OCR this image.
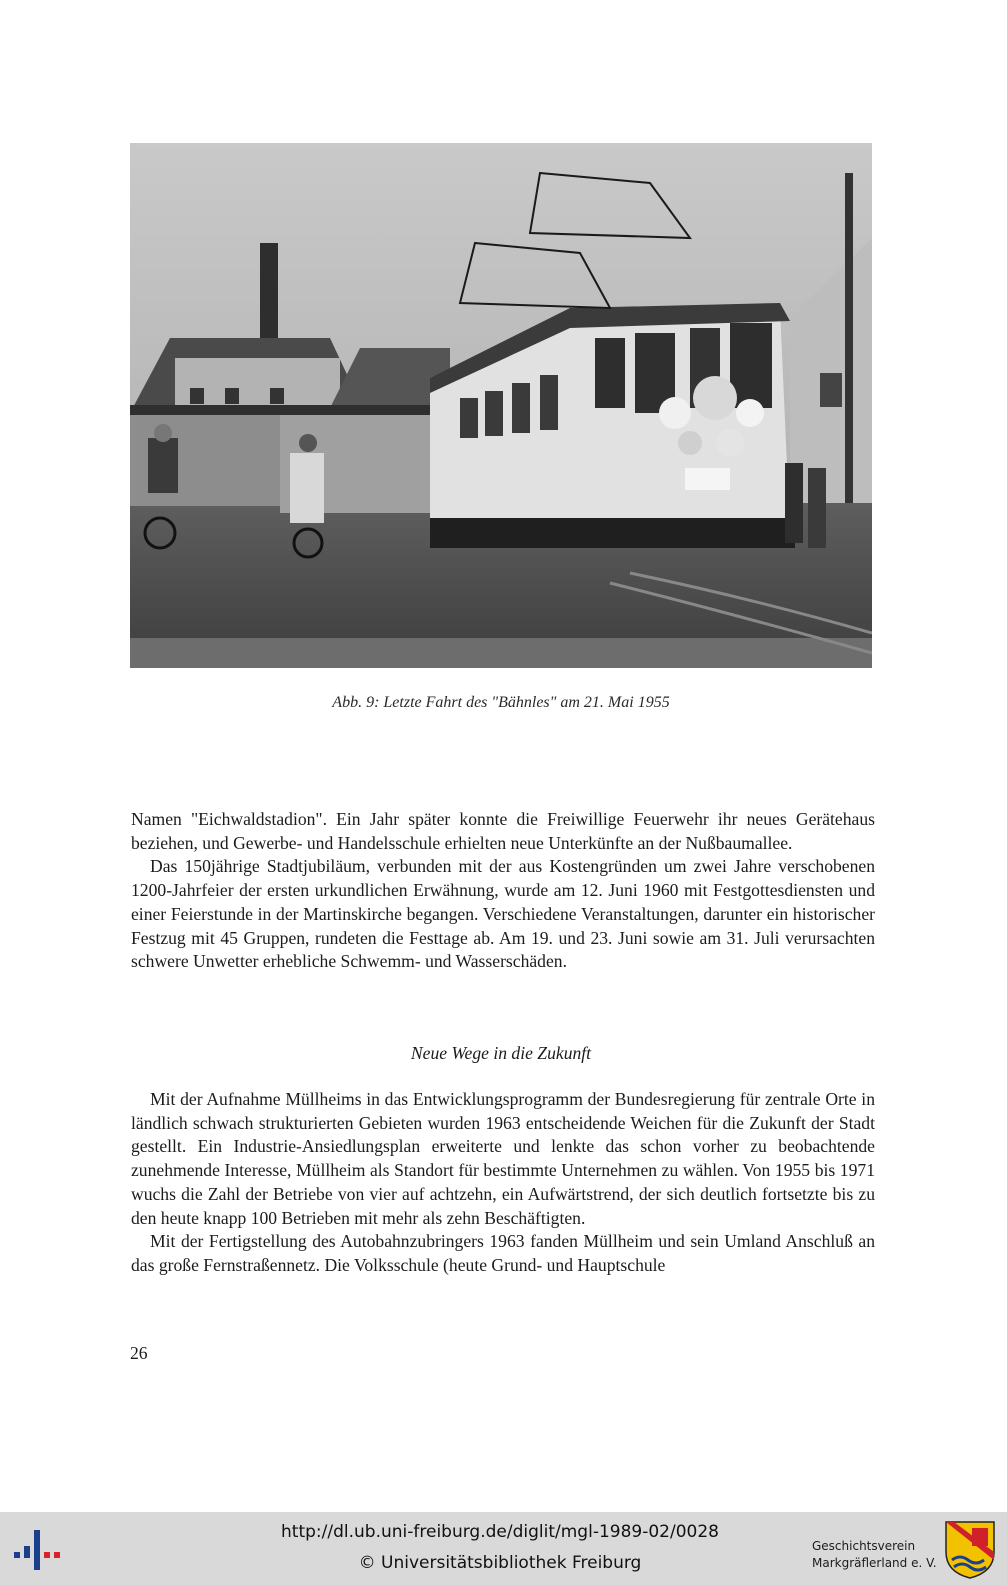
Abb. 9: Letzte Fahrt des "Bähnles" am 21. Mai 1955

Namen "Eichwaldstadion". Ein Jahr später konnte die Freiwillige Feuerwehr ihr neues Gerätehaus beziehen, und Gewerbe- und Handelsschule erhielten neue Unterkünfte an der Nußbaumallee.

Das 150jährige Stadtjubiläum, verbunden mit der aus Kostengründen um zwei Jahre verschobenen 1200-Jahrfeier der ersten urkundlichen Erwähnung, wurde am 12. Juni 1960 mit Festgottesdiensten und einer Feierstunde in der Martinskirche begangen. Verschiedene Veranstaltungen, darunter ein historischer Festzug mit 45 Gruppen, rundeten die Festtage ab. Am 19. und 23. Juni sowie am 31. Juli verursachten schwere Unwetter erhebliche Schwemm- und Wasserschäden.

Neue Wege in die Zukunft

Mit der Aufnahme Müllheims in das Entwicklungsprogramm der Bundesregierung für zentrale Orte in ländlich schwach strukturierten Gebieten wurden 1963 entscheidende Weichen für die Zukunft der Stadt gestellt. Ein Industrie-Ansiedlungsplan erweiterte und lenkte das schon vorher zu beobachtende zunehmende Interesse, Müllheim als Standort für bestimmte Unternehmen zu wählen. Von 1955 bis 1971 wuchs die Zahl der Betriebe von vier auf achtzehn, ein Aufwärtstrend, der sich deutlich fortsetzte bis zu den heute knapp 100 Betrieben mit mehr als zehn Beschäftigten.

Mit der Fertigstellung des Autobahnzubringers 1963 fanden Müllheim und sein Umland Anschluß an das große Fernstraßennetz. Die Volksschule (heute Grund- und Hauptschule

26
http://dl.ub.uni-freiburg.de/diglit/mgl-1989-02/0028
© Universitätsbibliothek Freiburg
Geschichtsverein
Markgräflerland e. V.
